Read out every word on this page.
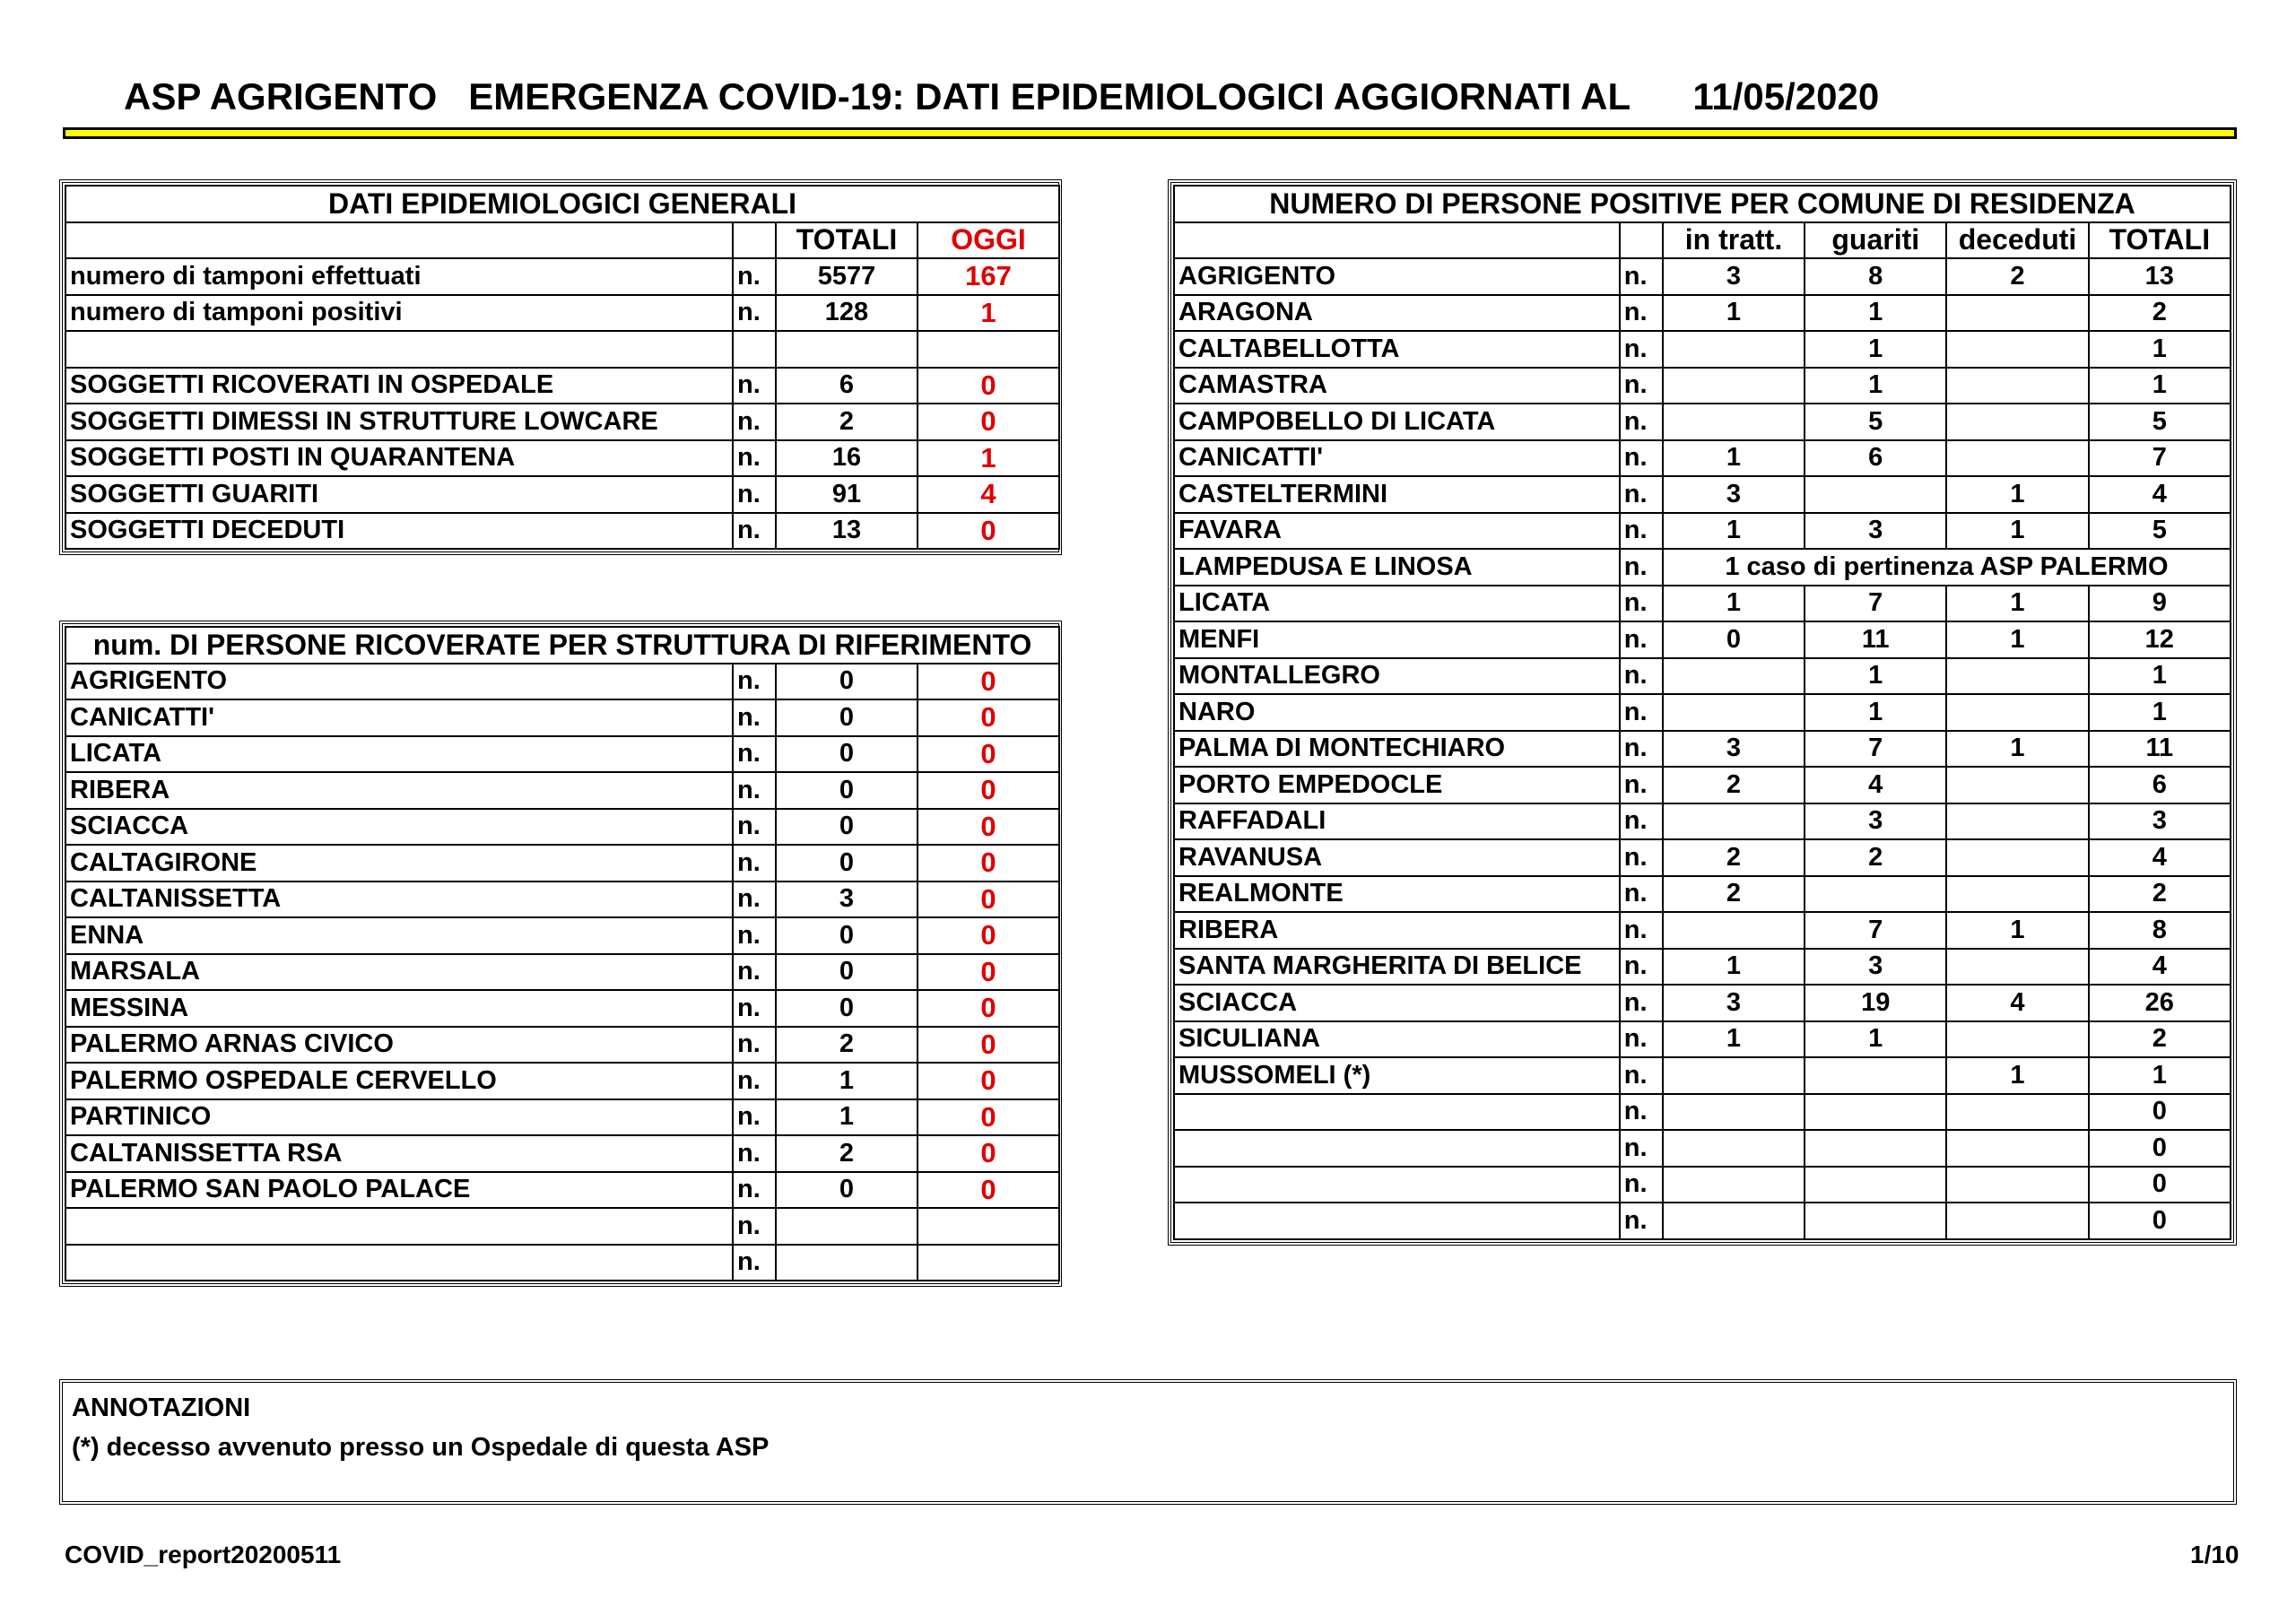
ASP AGRIGENTO   EMERGENZA COVID-19: DATI EPIDEMIOLOGICI AGGIORNATI AL      11/05/2020
DATI EPIDEMIOLOGICI GENERALI			
		TOTALI	OGGI
numero di tamponi effettuati	n.	5577	167
numero di tamponi positivi	n.	128	1

SOGGETTI RICOVERATI IN OSPEDALE	n.	6	0
SOGGETTI DIMESSI IN STRUTTURE LOWCARE	n.	2	0
SOGGETTI POSTI IN QUARANTENA	n.	16	1
SOGGETTI GUARITI	n.	91	4
SOGGETTI DECEDUTI	n.	13	0
num. DI PERSONE RICOVERATE PER STRUTTURA DI RIFERIMENTO			
AGRIGENTO	n.	0	0
CANICATTI'	n.	0	0
LICATA	n.	0	0
RIBERA	n.	0	0
SCIACCA	n.	0	0
CALTAGIRONE	n.	0	0
CALTANISSETTA	n.	3	0
ENNA	n.	0	0
MARSALA	n.	0	0
MESSINA	n.	0	0
PALERMO ARNAS CIVICO	n.	2	0
PALERMO OSPEDALE CERVELLO	n.	1	0
PARTINICO	n.	1	0
CALTANISSETTA RSA	n.	2	0
PALERMO SAN PAOLO PALACE	n.	0	0
	n.		
	n.		
NUMERO DI PERSONE POSITIVE PER COMUNE DI RESIDENZA					
		in tratt.	guariti	deceduti	TOTALI
AGRIGENTO	n.	3	8	2	13
ARAGONA	n.	1	1		2
CALTABELLOTTA	n.		1		1
CAMASTRA	n.		1		1
CAMPOBELLO DI LICATA	n.		5		5
CANICATTI'	n.	1	6		7
CASTELTERMINI	n.	3		1	4
FAVARA	n.	1	3	1	5
LAMPEDUSA E LINOSA	n.	1 caso di pertinenza ASP PALERMO			
LICATA	n.	1	7	1	9
MENFI	n.	0	11	1	12
MONTALLEGRO	n.		1		1
NARO	n.		1		1
PALMA DI MONTECHIARO	n.	3	7	1	11
PORTO EMPEDOCLE	n.	2	4		6
RAFFADALI	n.		3		3
RAVANUSA	n.	2	2		4
REALMONTE	n.	2			2
RIBERA	n.		7	1	8
SANTA MARGHERITA DI BELICE	n.	1	3		4
SCIACCA	n.	3	19	4	26
SICULIANA	n.	1	1		2
MUSSOMELI (*)	n.			1	1
	n.				0
	n.				0
	n.				0
	n.				0
ANNOTAZIONI
(*) decesso avvenuto presso un Ospedale di questa ASP
COVID_report20200511	1/10
